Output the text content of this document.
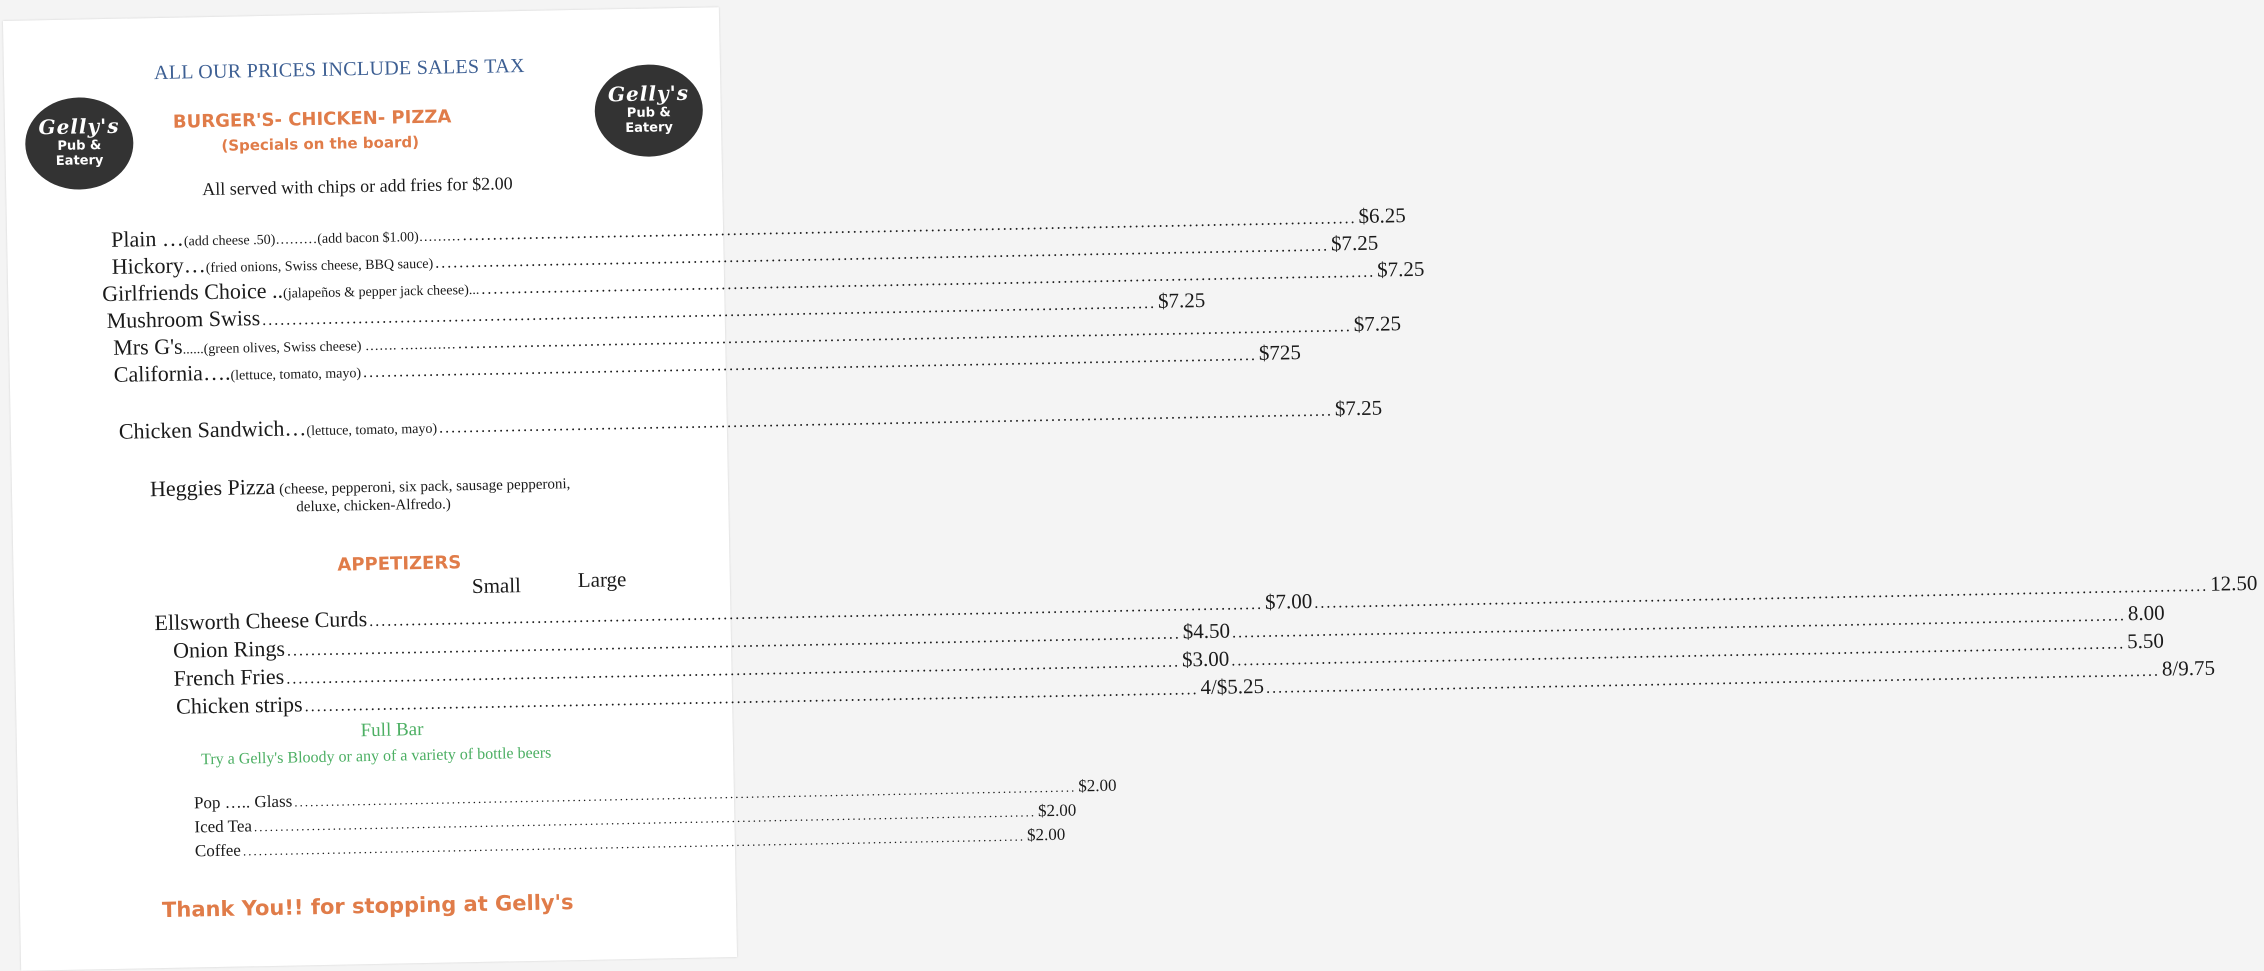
Gelly's
Pub &
Eatery
Gelly's
Pub &
Eatery
ALL OUR PRICES INCLUDE SALES TAX
BURGER'S- CHICKEN- PIZZA
(Specials on the board)
All served with chips or add fries for $2.00
Plain … (add cheese .50)………(add bacon $1.00)………
.....
$6.25
Hickory… (fried onions, Swiss cheese, BBQ sauce)
.....
$7.25
Girlfriends Choice .. (jalapeños & pepper jack cheese)...
.....
$7.25
Mushroom Swiss
.....
$7.25
Mrs G's ......(green olives, Swiss cheese) ……. …………
.....
$7.25
California…. (lettuce, tomato, mayo)
.....
$725
Chicken Sandwich… (lettuce, tomato, mayo)
.....
$7.25
Heggies Pizza (cheese, pepperoni, six pack, sausage pepperoni,
deluxe, chicken-Alfredo.)
APPETIZERS
Small	Large
Ellsworth Cheese Curds
.....
$7.00
.....
12.50
Onion Rings
.....
$4.50
.....
8.00
French Fries
.....
$3.00
.....
5.50
Chicken strips
.....
4/$5.25
.....
8/9.75
Full Bar
Try a Gelly's Bloody or any of a variety of bottle beers
Pop ….. Glass
.....
$2.00
Iced Tea
.....
$2.00
Coffee
.....
$2.00
Thank You!! for stopping at Gelly's
